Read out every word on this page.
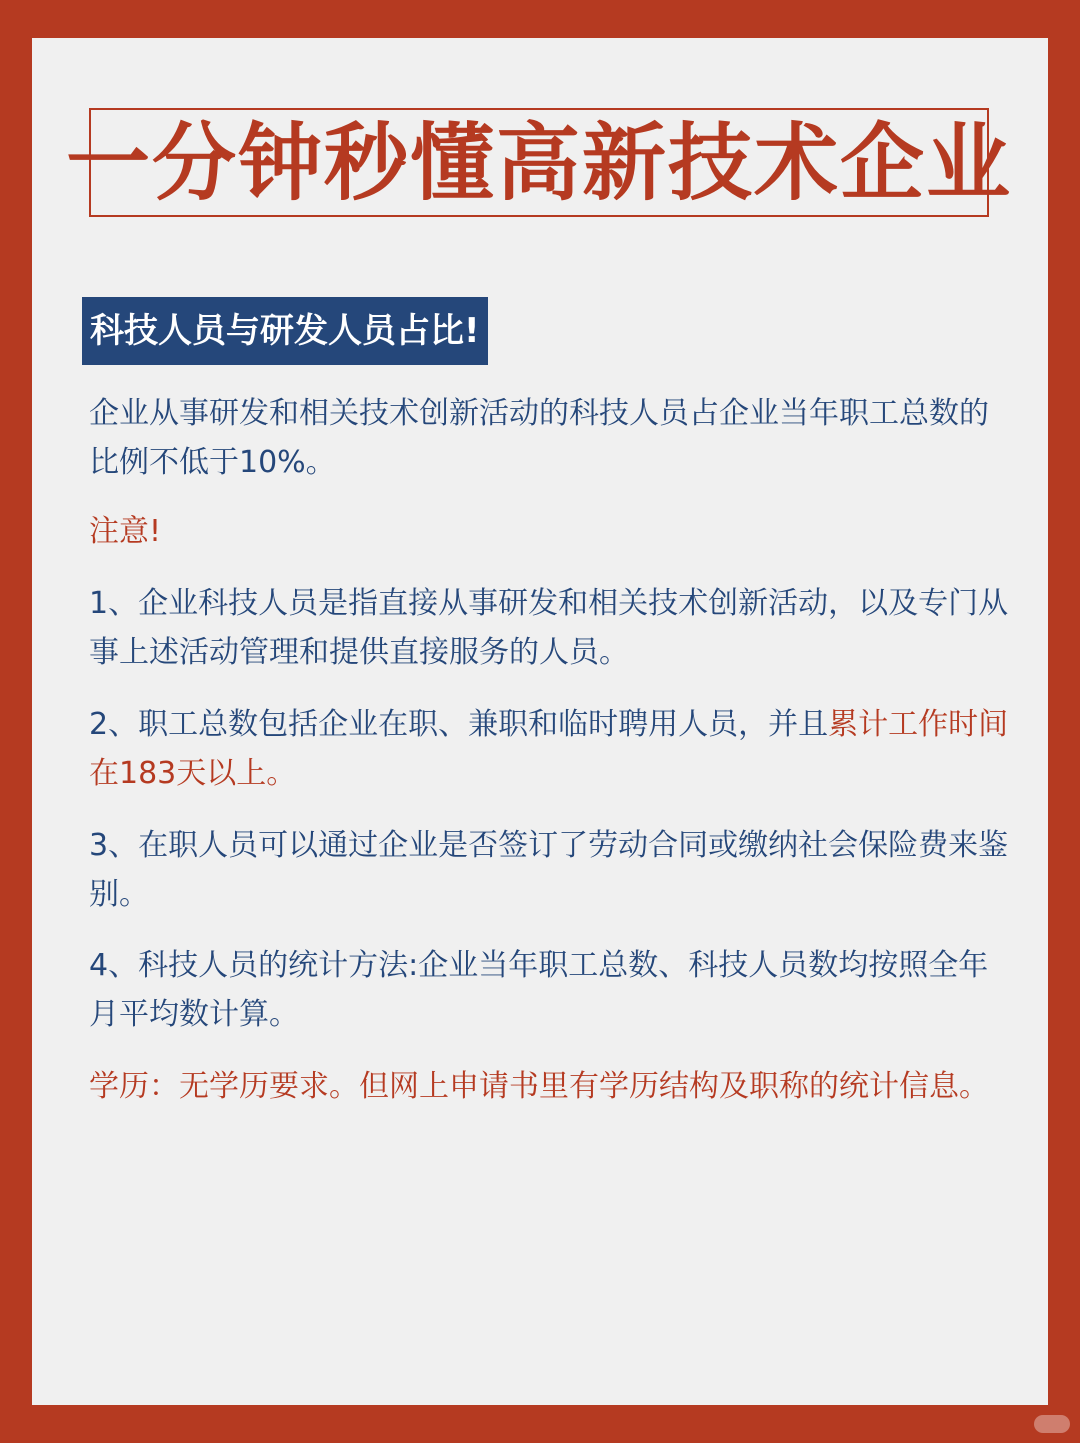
一分钟秒懂高新技术企业
科技人员与研发人员占比!

企业从事研发和相关技术创新活动的科技人员占企业当年职工总数的比例不低于10%。

注意!

1、企业科技人员是指直接从事研发和相关技术创新活动，以及专门从事上述活动管理和提供直接服务的人员。

2、职工总数包括企业在职、兼职和临时聘用人员，并且累计工作时间在183天以上。

3、在职人员可以通过企业是否签订了劳动合同或缴纳社会保险费来鉴别。

4、科技人员的统计方法:企业当年职工总数、科技人员数均按照全年月平均数计算。

学历：无学历要求。但网上申请书里有学历结构及职称的统计信息。
